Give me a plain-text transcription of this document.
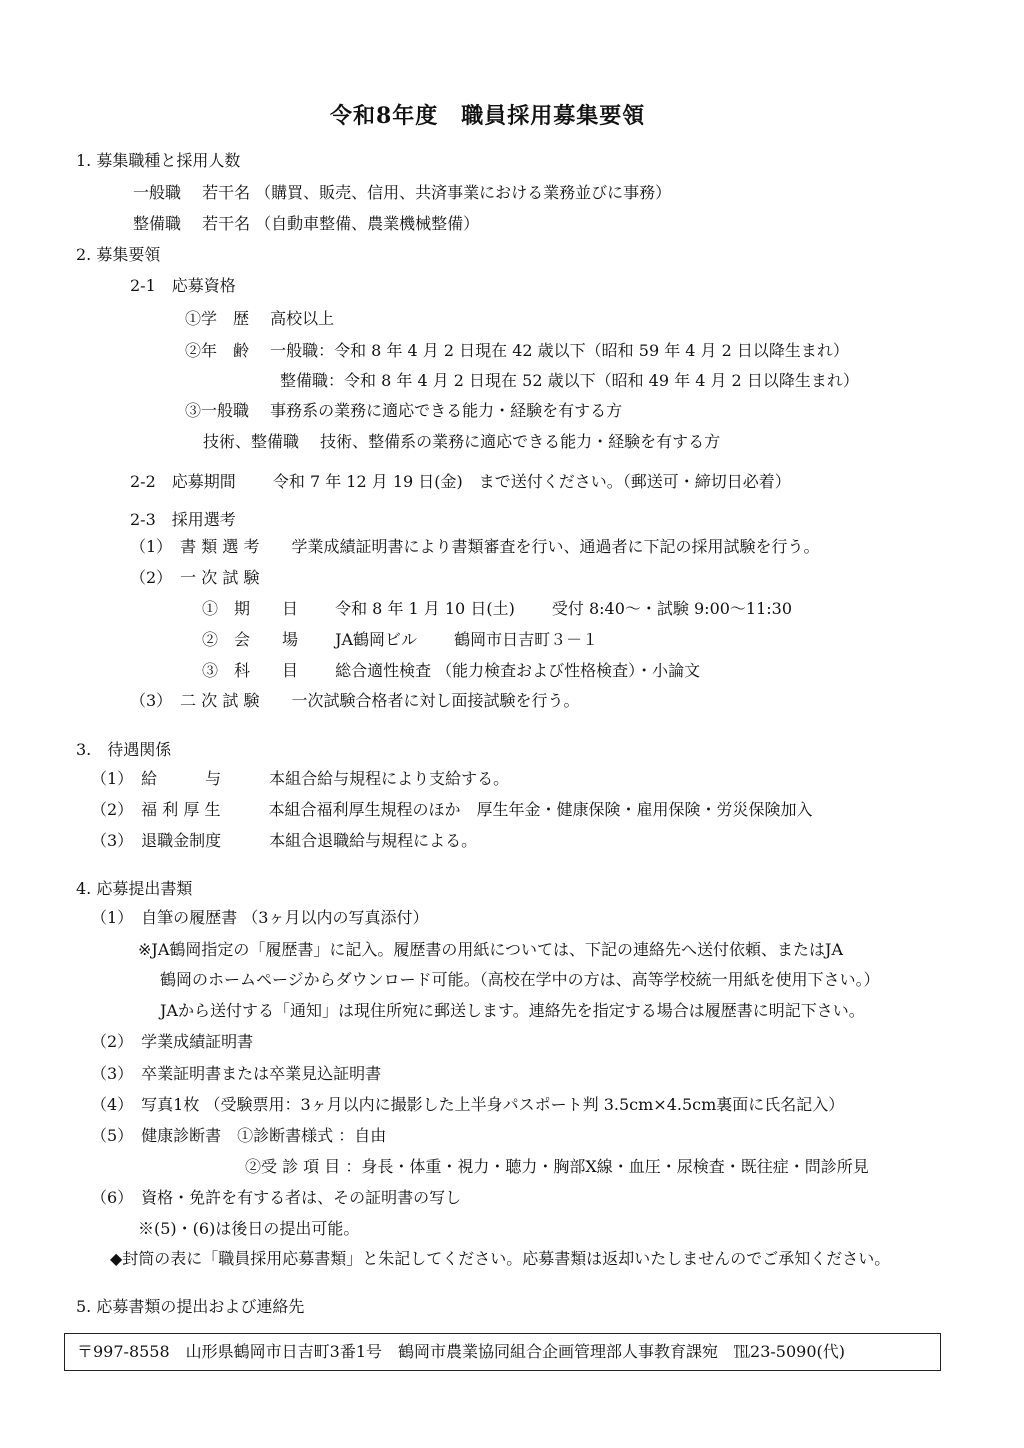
令和8年度　職員採用募集要領
1. 募集職種と採用人数
一般職　 若干名 （購買、販売、信用、共済事業における業務並びに事務）
整備職　 若干名 （自動車整備、農業機械整備）
2. 募集要領
2-1　応募資格
①学　歴　 高校以上
②年　齢　 一般職：令和 8 年 4 月 2 日現在 42 歳以下（昭和 59 年 4 月 2 日以降生まれ）
整備職：令和 8 年 4 月 2 日現在 52 歳以下（昭和 49 年 4 月 2 日以降生まれ）
③一般職　 事務系の業務に適応できる能力・経験を有する方
技術、整備職　 技術、整備系の業務に適応できる能力・経験を有する方
2-2　応募期間　　 令和 7 年 12 月 19 日(金)　まで送付ください。（郵送可・締切日必着）
2-3　採用選考
（1）　書 類 選 考　　学業成績証明書により書類審査を行い、通過者に下記の採用試験を行う。
（2）　一 次 試 験
①　期　　日　　 令和 8 年 1 月 10 日(土)　　 受付 8:40～・試験 9:00～11:30
②　会　　場　　 JA鶴岡ビル　　 鶴岡市日吉町３－１
③　科　　目　　 総合適性検査 （能力検査および性格検査）・小論文
（3）　二 次 試 験　　一次試験合格者に対し面接試験を行う。
3.　待遇関係
（1）　給　　　与　　　本組合給与規程により支給する。
（2）　福 利 厚 生　　　本組合福利厚生規程のほか　厚生年金・健康保険・雇用保険・労災保険加入
（3）　退職金制度　　　本組合退職給与規程による。
4. 応募提出書類
（1）　自筆の履歴書 （3ヶ月以内の写真添付）
※JA鶴岡指定の「履歴書」に記入。履歴書の用紙については、下記の連絡先へ送付依頼、またはJA
鶴岡のホームページからダウンロード可能。（高校在学中の方は、高等学校統一用紙を使用下さい。）
JAから送付する「通知」は現住所宛に郵送します。連絡先を指定する場合は履歴書に明記下さい。
（2）　学業成績証明書
（3）　卒業証明書または卒業見込証明書
（4）　写真1枚 （受験票用：3ヶ月以内に撮影した上半身パスポート判 3.5cm×4.5cm裏面に氏名記入）
（5）　健康診断書　①診断書様式 ：自由
②受 診 項 目 ：身長・体重・視力・聴力・胸部X線・血圧・尿検査・既往症・問診所見
（6）　資格・免許を有する者は、その証明書の写し
※(5)・(6)は後日の提出可能。
◆封筒の表に「職員採用応募書類」と朱記してください。応募書類は返却いたしませんのでご承知ください。
5. 応募書類の提出および連絡先
〒997-8558　山形県鶴岡市日吉町3番1号　鶴岡市農業協同組合企画管理部人事教育課宛　℡23-5090(代)
